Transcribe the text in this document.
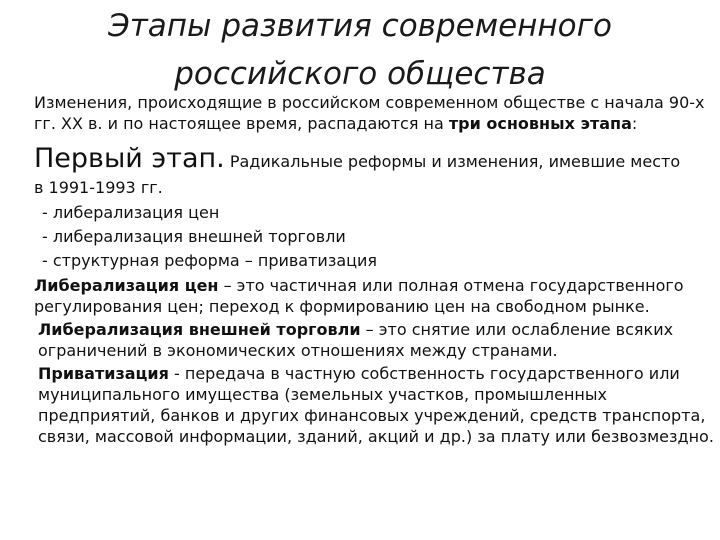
Этапы развития современного
российского общества

Изменения, происходящие в российском современном обществе с начала 90-х гг. XX в. и по настоящее время, распадаются на три основных этапа:

Первый этап. Радикальные реформы и изменения, имевшие место

в 1991-1993 гг.

- либерализация цен
- либерализация внешней торговли
- структурная реформа – приватизация

Либерализация цен – это частичная или полная отмена государственного регулирования цен; переход к формированию цен на свободном рынке.

Либерализация внешней торговли – это снятие или ослабление всяких ограничений в экономических отношениях между странами.

Приватизация - передача в частную собственность государственного или муниципального имущества (земельных участков, промышленных предприятий, банков и других финансовых учреждений, средств транспорта, связи, массовой информации, зданий, акций и др.) за плату или безвозмездно.
